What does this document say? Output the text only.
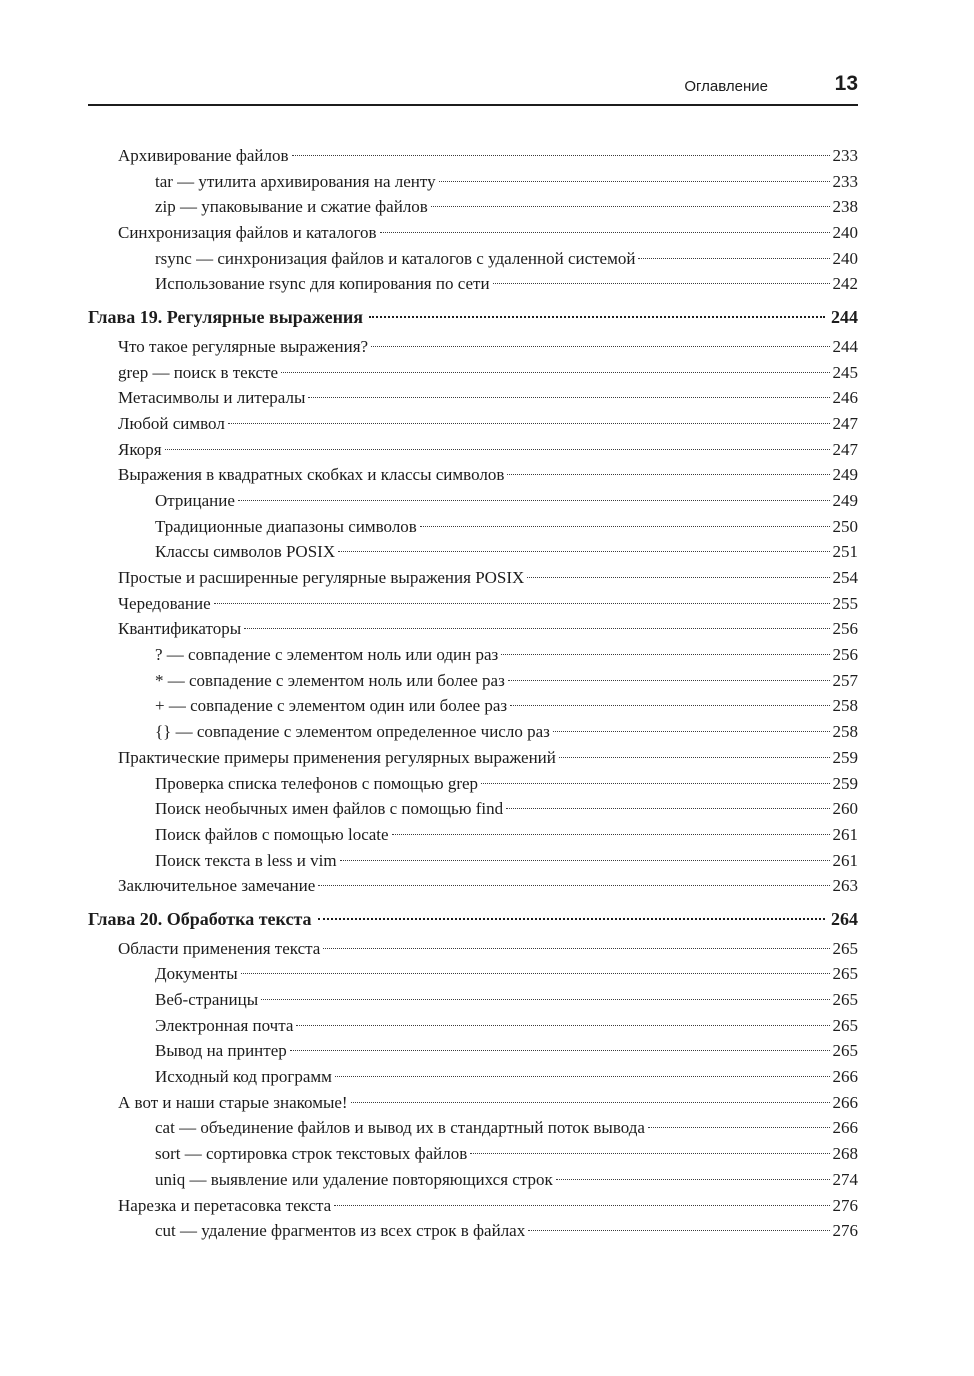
Оглавление	13
Архивирование файлов	233
tar — утилита архивирования на ленту	233
zip — упаковывание и сжатие файлов	238
Синхронизация файлов и каталогов	240
rsync — синхронизация файлов и каталогов с удаленной системой	240
Использование rsync для копирования по сети	242
Глава 19. Регулярные выражения	244
Что такое регулярные выражения?	244
grep — поиск в тексте	245
Метасимволы и литералы	246
Любой символ	247
Якоря	247
Выражения в квадратных скобках и классы символов	249
Отрицание	249
Традиционные диапазоны символов	250
Классы символов POSIX	251
Простые и расширенные регулярные выражения POSIX	254
Чередование	255
Квантификаторы	256
? — совпадение с элементом ноль или один раз	256
* — совпадение с элементом ноль или более раз	257
+ — совпадение с элементом один или более раз	258
{} — совпадение с элементом определенное число раз	258
Практические примеры применения регулярных выражений	259
Проверка списка телефонов с помощью grep	259
Поиск необычных имен файлов с помощью find	260
Поиск файлов с помощью locate	261
Поиск текста в less и vim	261
Заключительное замечание	263
Глава 20. Обработка текста	264
Области применения текста	265
Документы	265
Веб-страницы	265
Электронная почта	265
Вывод на принтер	265
Исходный код программ	266
А вот и наши старые знакомые!	266
cat — объединение файлов и вывод их в стандартный поток вывода	266
sort — сортировка строк текстовых файлов	268
uniq — выявление или удаление повторяющихся строк	274
Нарезка и перетасовка текста	276
cut — удаление фрагментов из всех строк в файлах	276
